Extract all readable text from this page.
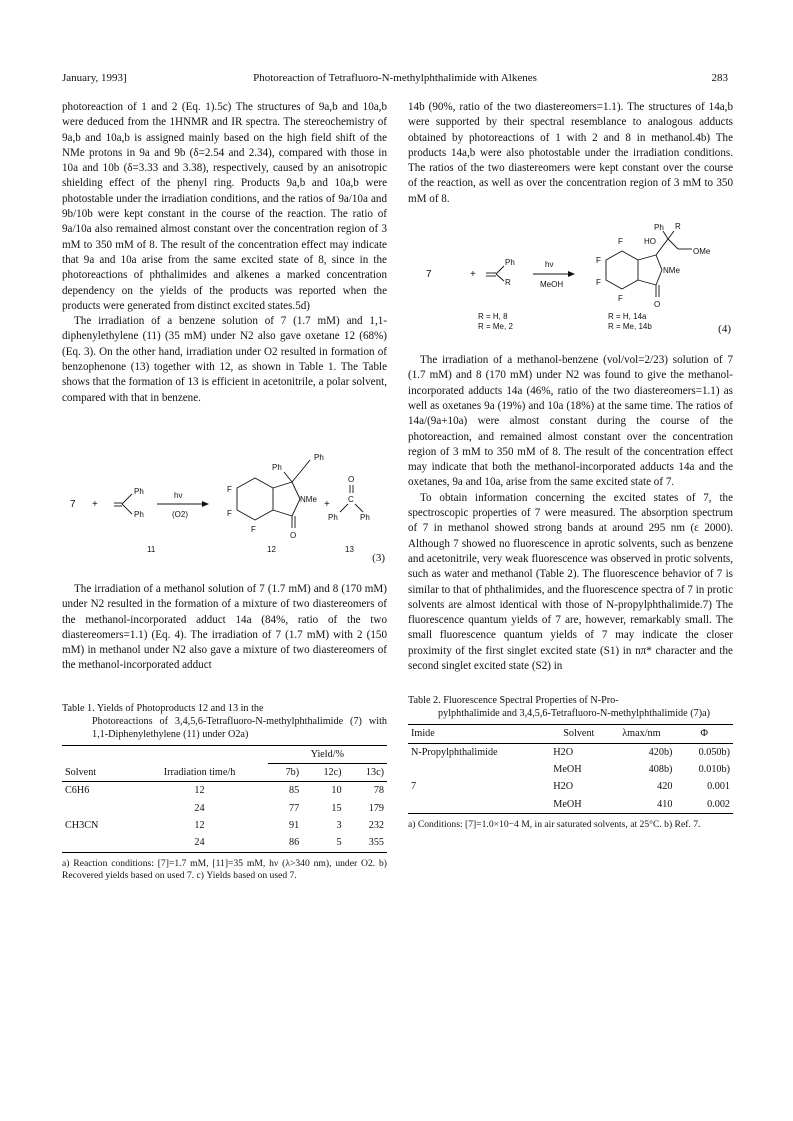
January, 1993]	Photoreaction of Tetrafluoro-N-methylphthalimide with Alkenes	283

photoreaction of 1 and 2 (Eq. 1).5c) The structures of 9a,b and 10a,b were deduced from the 1HNMR and IR spectra. The stereochemistry of 9a,b and 10a,b is assigned mainly based on the high field shift of the NMe protons in 9a and 9b (δ=2.54 and 2.34), compared with those in 10a and 10b (δ=3.33 and 3.38), respectively, caused by an anisotropic shielding effect of the phenyl ring. Products 9a,b and 10a,b were photostable under the irradiation conditions, and the ratios of 9a/10a and 9b/10b were kept constant in the course of the reaction. The ratio of 9a/10a also remained almost constant over the concentration region of 3 mM to 350 mM of 8. The result of the concentration effect may indicate that 9a and 10a arise from the same excited state of 8, since in the photoreactions of phthalimides and alkenes a marked concentration dependency on the yields of the products was reported when the products were generated from distinct excited states.5d)

The irradiation of a benzene solution of 7 (1.7 mM) and 1,1-diphenylethylene (11) (35 mM) under N2 also gave oxetane 12 (68%) (Eq. 3). On the other hand, irradiation under O2 resulted in formation of benzophenone (13) together with 12, as shown in Table 1. The Table shows that the formation of 13 is efficient in acetonitrile, a polar solvent, compared with that in benzene.

7 +
Ph
Ph
hν
(O2)
F
F
F
Ph
O
NMe
Ph
+
O
C
Ph	Ph
11	12	13
(3)

The irradiation of a methanol solution of 7 (1.7 mM) and 8 (170 mM) under N2 resulted in the formation of a mixture of two diastereomers of the methanol-incorporated adduct 14a (84%, ratio of the two diastereomers=1.1) (Eq. 4). The irradiation of 7 (1.7 mM) with 2 (150 mM) in methanol under N2 also gave a mixture of two diastereomers of the methanol-incorporated adduct

Table 1. Yields of Photoproducts 12 and 13 in the
Photoreactions of 3,4,5,6-Tetrafluoro-N-methylphthalimide (7) with 1,1-Diphenylethylene (11) under O2a)
		Yield/%		
Solvent	Irradiation time/h	7b)	12c)	13c)
C6H6	12	85	10	78
	24	77	15	179
CH3CN	12	91	3	232
	24	86	5	355
a) Reaction conditions: [7]=1.7 mM, [11]=35 mM, hν (λ>340 nm), under O2. b) Recovered yields based on used 7. c) Yields based on used 7.

14b (90%, ratio of the two diastereomers=1.1). The structures of 14a,b were supported by their spectral resemblance to analogous adducts obtained by photoreactions of 1 with 2 and 8 in methanol.4b) The products 14a,b were also photostable under the irradiation conditions. The ratios of the two diastereomers were kept constant over the course of the reaction, as well as over the concentration region of 3 mM to 350 mM of 8.

7	+
Ph
R
hν
MeOH
F
F
F
F
Ph R
HO
OMe
NMe
O
R = H, 8
R = Me, 2
R = H, 14a
R = Me, 14b	(4)

The irradiation of a methanol-benzene (vol/vol=2/23) solution of 7 (1.7 mM) and 8 (170 mM) under N2 was found to give the methanol-incorporated adducts 14a (46%, ratio of the two diastereomers=1.1) as well as oxetanes 9a (19%) and 10a (18%) at the same time. The ratios of 14a/(9a+10a) were almost constant during the course of the photoreaction, and remained almost constant over the concentration region of 3 mM to 350 mM of 8. The result of the concentration effect may indicate that both the methanol-incorporated adducts 14a and the oxetanes, 9a and 10a, arise from the same excited state of 7.

To obtain information concerning the excited states of 7, the spectroscopic properties of 7 were measured. The absorption spectrum of 7 in methanol showed strong bands at around 295 nm (ε 2000). Although 7 showed no fluorescence in aprotic solvents, such as benzene and acetonitrile, very weak fluorescence was observed in protic solvents, such as water and methanol (Table 2). The fluorescence behavior of 7 is similar to that of phthalimides, and the fluorescence spectra of 7 in protic solvents are almost identical with those of N-propylphthalimide.7) The fluorescence quantum yields of 7 are, however, remarkably small. The small fluorescence quantum yields of 7 may indicate the closer proximity of the first singlet excited state (S1) in nπ* character and the second singlet excited state (S2) in

Table 2. Fluorescence Spectral Properties of N-Pro-
pylphthalimide and 3,4,5,6-Tetrafluoro-N-methylphthalimide (7)a)
Imide	Solvent	λmax/nm	Φ
N-Propylphthalimide	H2O	420b)	0.050b)
	MeOH	408b)	0.010b)
7	H2O	420	0.001
	MeOH	410	0.002
a) Conditions: [7]=1.0×10−4 M, in air saturated solvents, at 25°C. b) Ref. 7.
